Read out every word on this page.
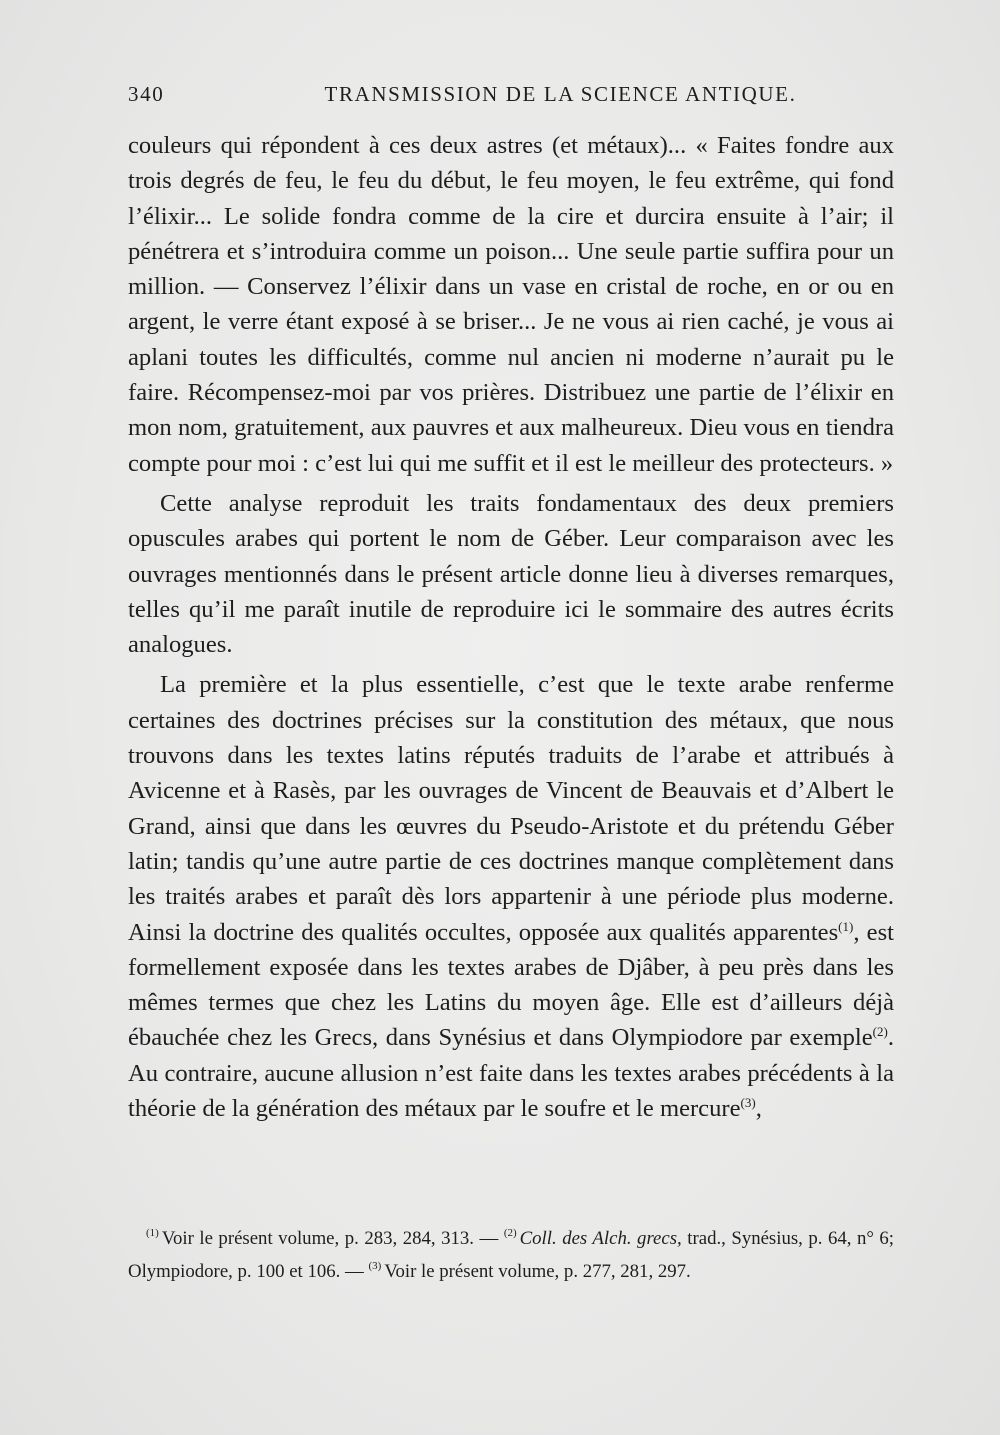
340	TRANSMISSION DE LA SCIENCE ANTIQUE.

couleurs qui répondent à ces deux astres (et métaux)... « Faites fondre aux trois degrés de feu, le feu du début, le feu moyen, le feu extrême, qui fond l’élixir... Le solide fondra comme de la cire et durcira ensuite à l’air; il pénétrera et s’introduira comme un poison... Une seule partie suffira pour un million. — Conservez l’élixir dans un vase en cristal de roche, en or ou en argent, le verre étant exposé à se briser... Je ne vous ai rien caché, je vous ai aplani toutes les difficultés, comme nul ancien ni moderne n’aurait pu le faire. Récompensez-moi par vos prières. Distribuez une partie de l’élixir en mon nom, gratuitement, aux pauvres et aux malheureux. Dieu vous en tiendra compte pour moi : c’est lui qui me suffit et il est le meilleur des protecteurs. »

Cette analyse reproduit les traits fondamentaux des deux premiers opuscules arabes qui portent le nom de Géber. Leur comparaison avec les ouvrages mentionnés dans le présent article donne lieu à diverses remarques, telles qu’il me paraît inutile de reproduire ici le sommaire des autres écrits analogues.

La première et la plus essentielle, c’est que le texte arabe renferme certaines des doctrines précises sur la constitution des métaux, que nous trouvons dans les textes latins réputés traduits de l’arabe et attribués à Avicenne et à Rasès, par les ouvrages de Vincent de Beauvais et d’Albert le Grand, ainsi que dans les œuvres du Pseudo-Aristote et du prétendu Géber latin; tandis qu’une autre partie de ces doctrines manque complètement dans les traités arabes et paraît dès lors appartenir à une période plus moderne. Ainsi la doctrine des qualités occultes, opposée aux qualités apparentes$^{(1)}$, est formellement exposée dans les textes arabes de Djâber, à peu près dans les mêmes termes que chez les Latins du moyen âge. Elle est d’ailleurs déjà ébauchée chez les Grecs, dans Synésius et dans Olympiodore par exemple$^{(2)}$. Au contraire, aucune allusion n’est faite dans les textes arabes précédents à la théorie de la génération des métaux par le soufre et le mercure$^{(3)}$,

$^{(1)}$ Voir le présent volume, p. 283, 284, 313. — $^{(2)}$ Coll. des Alch. grecs, trad., Synésius, p. 64, n° 6; Olympiodore, p. 100 et 106. — $^{(3)}$ Voir le présent volume, p. 277, 281, 297.
